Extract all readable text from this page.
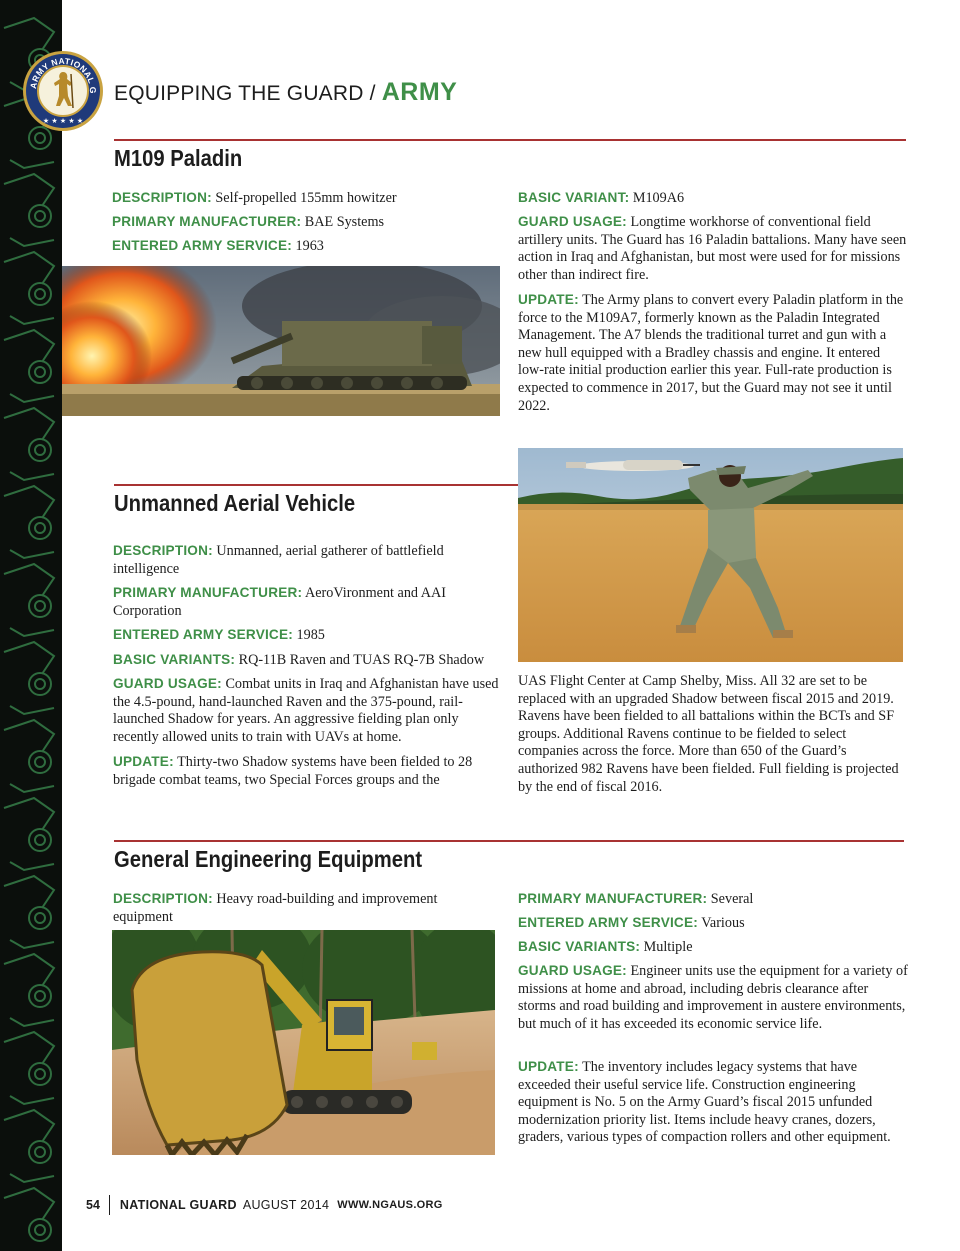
ARMY NATIONAL G
★ ★ ★ ★ ★
EQUIPPING THE GUARD / ARMY
M109 Paladin
DESCRIPTION: Self-propelled 155mm howitzer
PRIMARY MANUFACTURER: BAE Systems
ENTERED ARMY SERVICE: 1963
BASIC VARIANT: M109A6
GUARD USAGE: Longtime workhorse of conventional field artillery units. The Guard has 16 Paladin battalions. Many have seen action in Iraq and Afghanistan, but most were used for for missions other than indirect fire.
UPDATE: The Army plans to convert every Paladin platform in the force to the M109A7, formerly known as the Paladin Integrated Management. The A7 blends the traditional turret and gun with a new hull equipped with a Bradley chassis and engine. It entered low-rate initial production earlier this year. Full-rate production is expected to commence in 2017, but the Guard may not see it until 2022.
Unmanned Aerial Vehicle
DESCRIPTION: Unmanned, aerial gatherer of battlefield intelligence
PRIMARY MANUFACTURER: AeroVironment and AAI Corporation
ENTERED ARMY SERVICE: 1985
BASIC VARIANTS: RQ-11B Raven and TUAS RQ-7B Shadow
GUARD USAGE: Combat units in Iraq and Afghanistan have used the 4.5-pound, hand-launched Raven and the 375-pound, rail-launched Shadow for years. An aggressive fielding plan only recently allowed units to train with UAVs at home.
UPDATE: Thirty-two Shadow systems have been fielded to 28 brigade combat teams, two Special Forces groups and the
UAS Flight Center at Camp Shelby, Miss. All 32 are set to be replaced with an upgraded Shadow between fiscal 2015 and 2019. Ravens have been fielded to all battalions within the BCTs and SF groups. Additional Ravens continue to be fielded to select companies across the force. More than 650 of the Guard’s authorized 982 Ravens have been fielded. Full fielding is projected by the end of fiscal 2016.
General Engineering Equipment
DESCRIPTION: Heavy road-building and improvement equipment
PRIMARY MANUFACTURER: Several
ENTERED ARMY SERVICE: Various
BASIC VARIANTS: Multiple
GUARD USAGE: Engineer units use the equipment for a variety of missions at home and abroad, including debris clearance after storms and road building and improvement in austere environments, but much of it has exceeded its economic service life.
UPDATE: The inventory includes legacy systems that have exceeded their useful service life. Construction engineering equipment is No. 5 on the Army Guard’s fiscal 2015 unfunded modernization priority list. Items include heavy cranes, dozers, graders, various types of compaction rollers and other equipment.
54 NATIONAL GUARD AUGUST 2014 WWW.NGAUS.ORG
